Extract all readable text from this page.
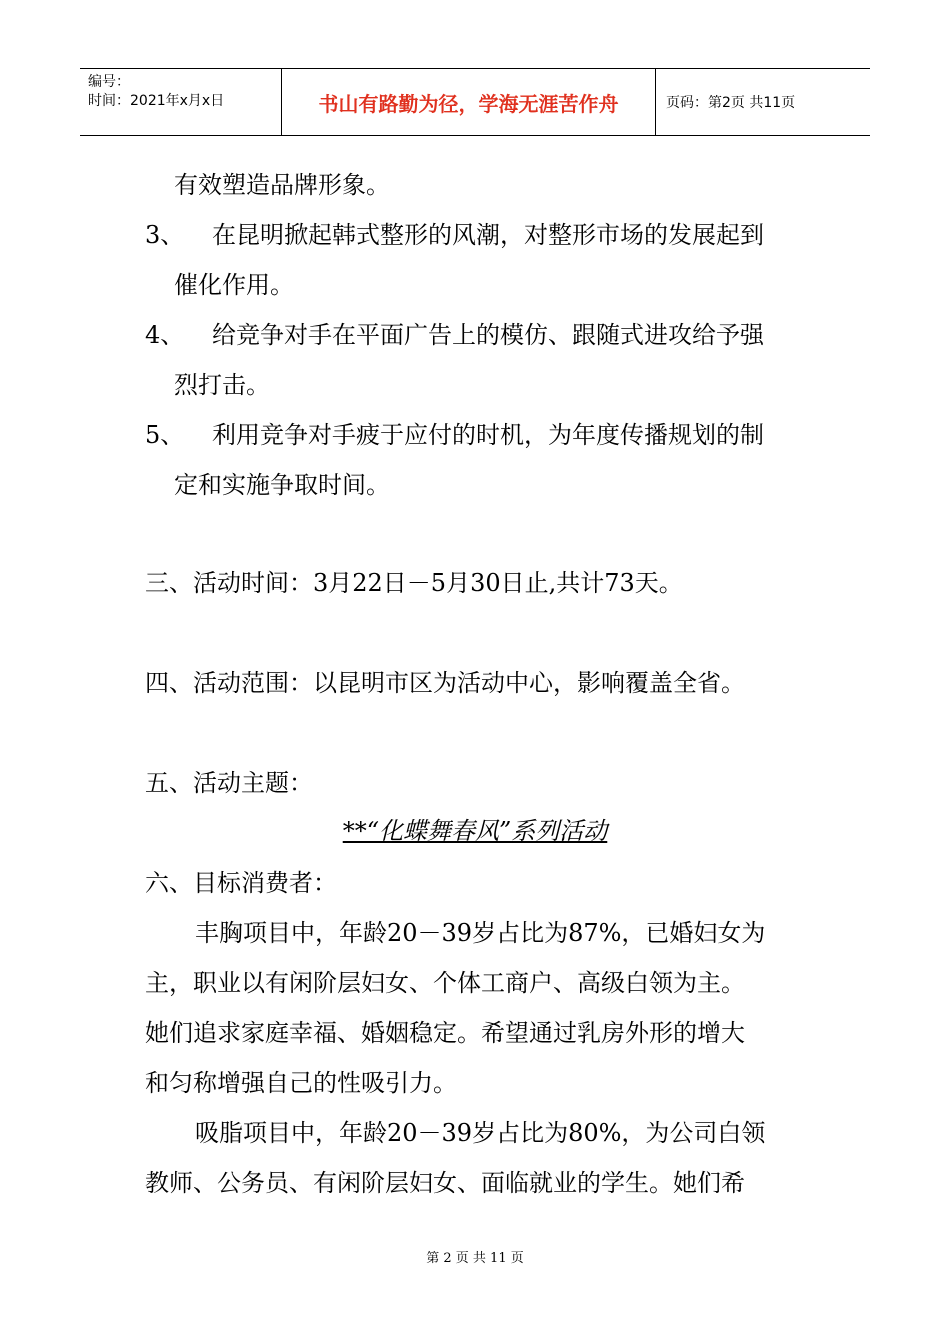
编号：
时间：2021年x月x日	书山有路勤为径，学海无涯苦作舟	页码：第2页 共11页
有效塑造品牌形象。
3、 在昆明掀起韩式整形的风潮，对整形市场的发展起到
催化作用。
4、 给竞争对手在平面广告上的模仿、跟随式进攻给予强
烈打击。
5、 利用竞争对手疲于应付的时机，为年度传播规划的制
定和实施争取时间。
三、活动时间：3月22日－5月30日止,共计73天。
四、活动范围：以昆明市区为活动中心，影响覆盖全省。
五、活动主题：
**“化蝶舞春风”系列活动
六、目标消费者：
丰胸项目中，年龄20－39岁占比为87%，已婚妇女为
主，职业以有闲阶层妇女、个体工商户、高级白领为主。
她们追求家庭幸福、婚姻稳定。希望通过乳房外形的增大
和匀称增强自己的性吸引力。
吸脂项目中，年龄20－39岁占比为80%，为公司白领
教师、公务员、有闲阶层妇女、面临就业的学生。她们希
第 2 页 共 11 页
